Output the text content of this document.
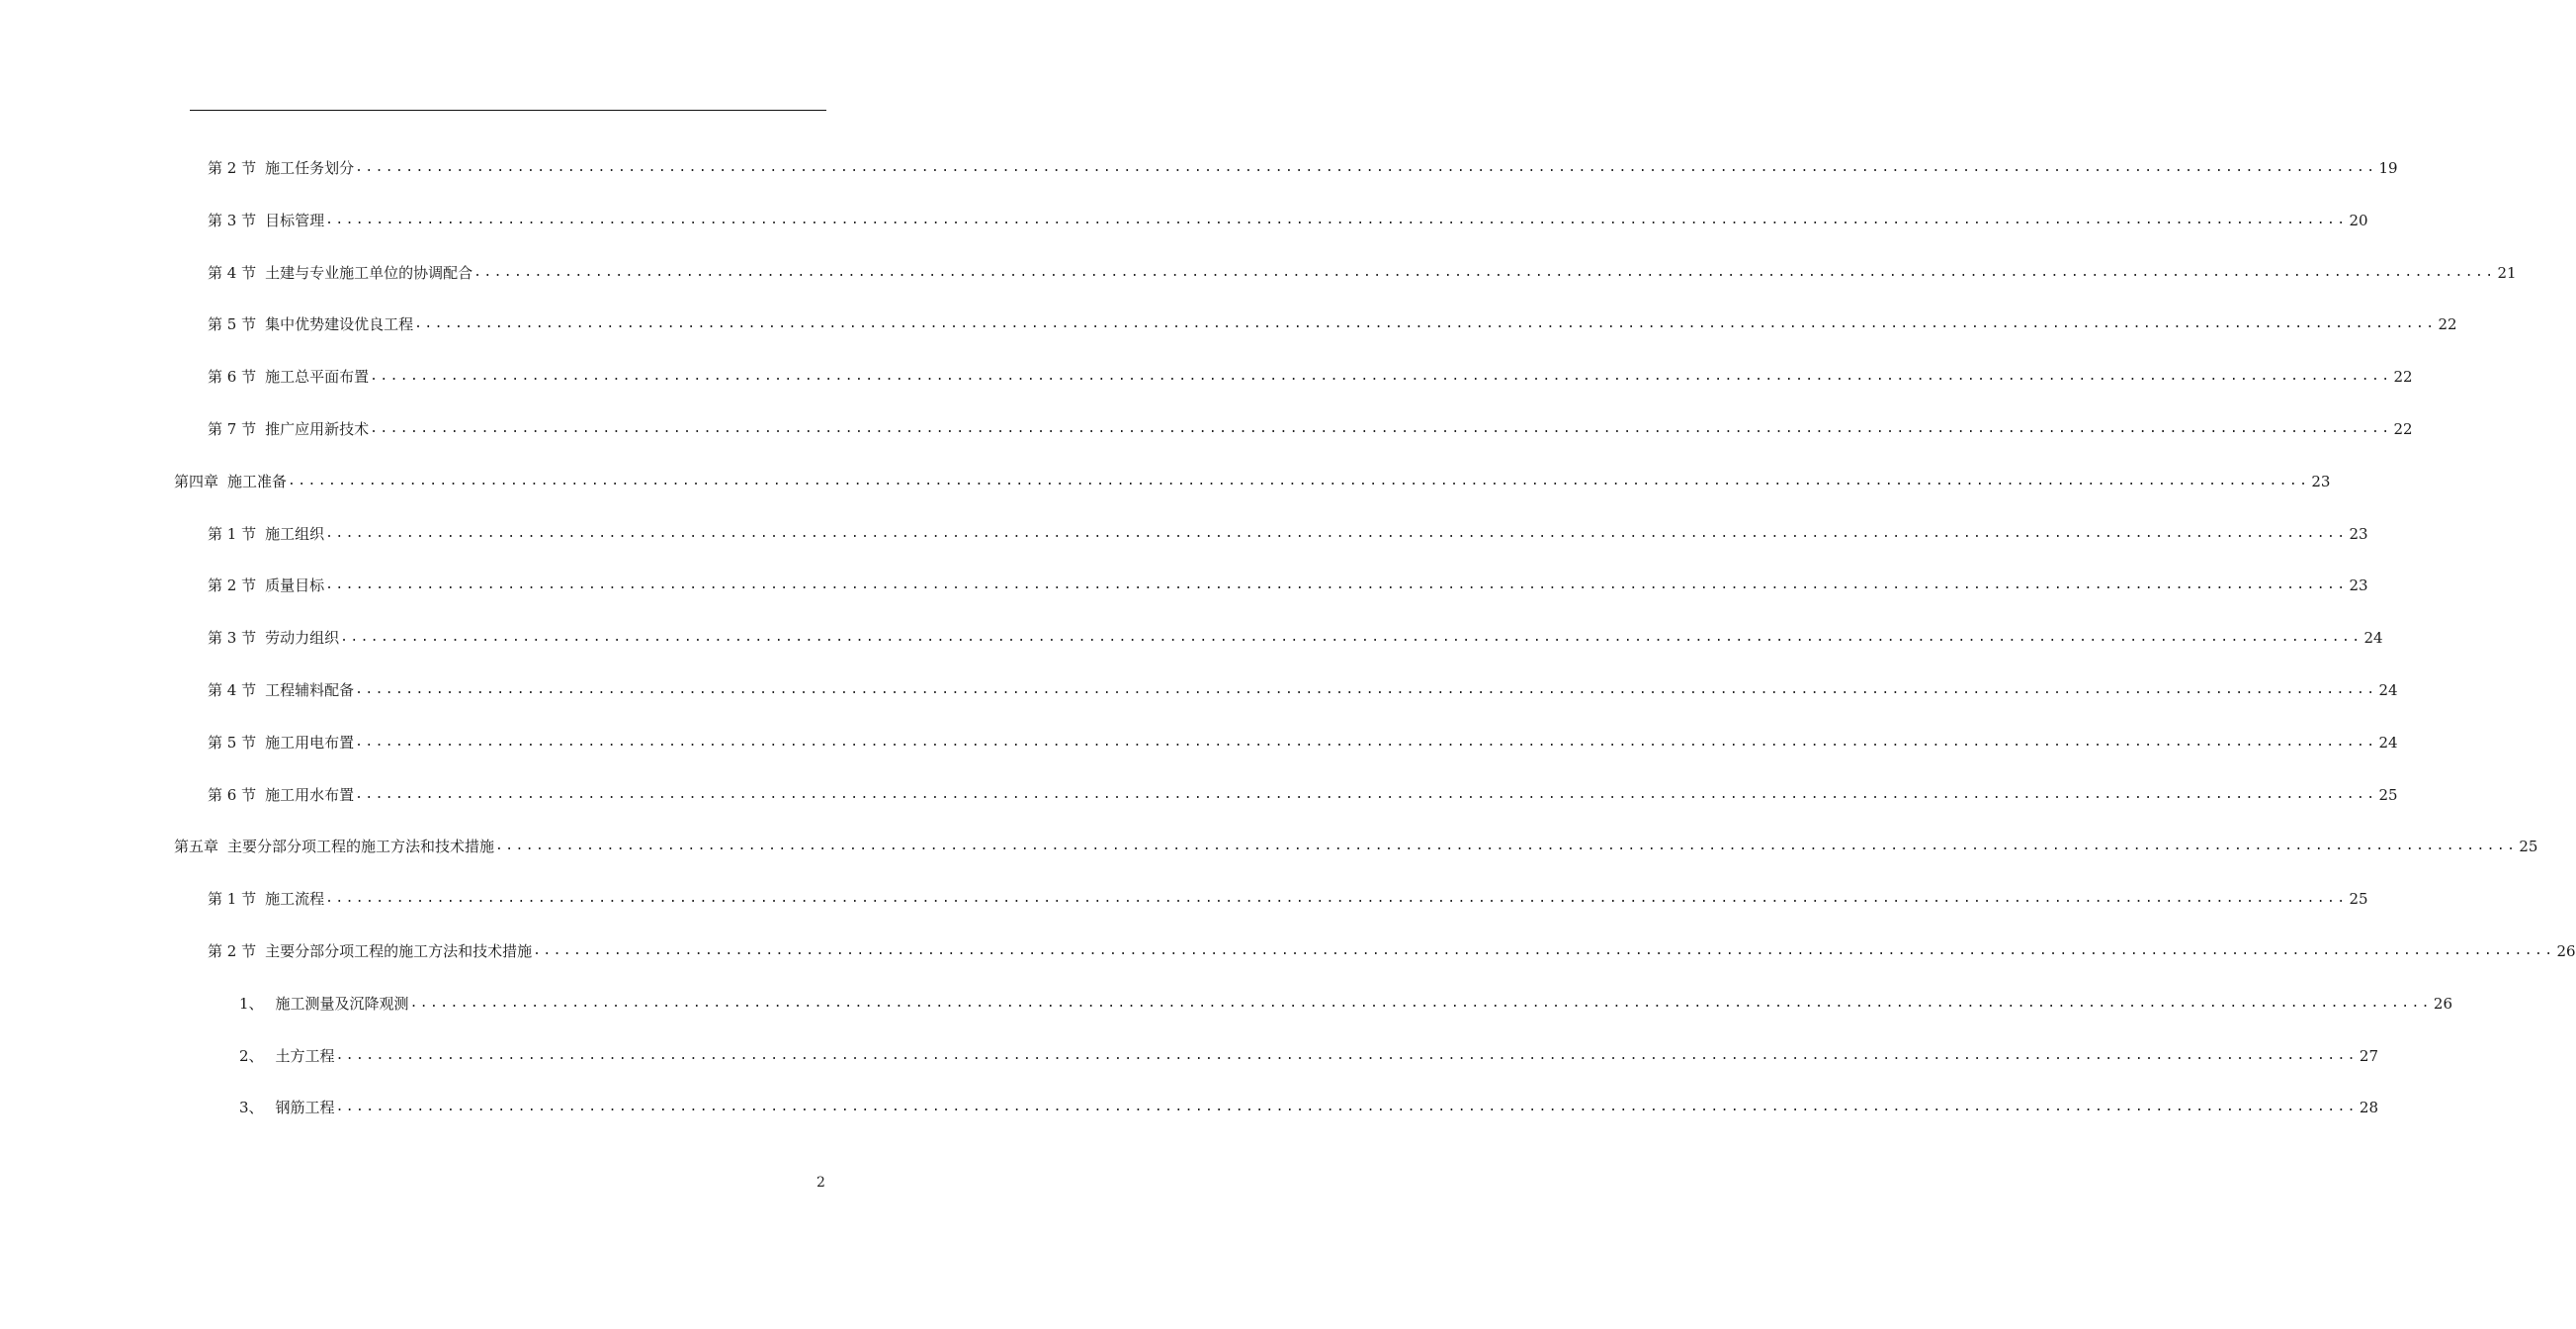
第 2 节 施工任务划分 ........................................................................................................................................................................................................ 19
第 3 节 目标管理 ........................................................................................................................................................................................................ 20
第 4 节 土建与专业施工单位的协调配合 ........................................................................................................................................................................................................ 21
第 5 节 集中优势建设优良工程 ........................................................................................................................................................................................................ 22
第 6 节 施工总平面布置 ........................................................................................................................................................................................................ 22
第 7 节 推广应用新技术 ........................................................................................................................................................................................................ 22
第四章 施工准备 ........................................................................................................................................................................................................ 23
第 1 节 施工组织 ........................................................................................................................................................................................................ 23
第 2 节 质量目标 ........................................................................................................................................................................................................ 23
第 3 节 劳动力组织 ........................................................................................................................................................................................................ 24
第 4 节 工程辅料配备 ........................................................................................................................................................................................................ 24
第 5 节 施工用电布置 ........................................................................................................................................................................................................ 24
第 6 节 施工用水布置 ........................................................................................................................................................................................................ 25
第五章 主要分部分项工程的施工方法和技术措施 ........................................................................................................................................................................................................ 25
第 1 节 施工流程 ........................................................................................................................................................................................................ 25
第 2 节 主要分部分项工程的施工方法和技术措施 ........................................................................................................................................................................................................ 26
1、 施工测量及沉降观测 ........................................................................................................................................................................................................ 26
2、 土方工程 ........................................................................................................................................................................................................ 27
3、 钢筋工程 ........................................................................................................................................................................................................ 28
2
